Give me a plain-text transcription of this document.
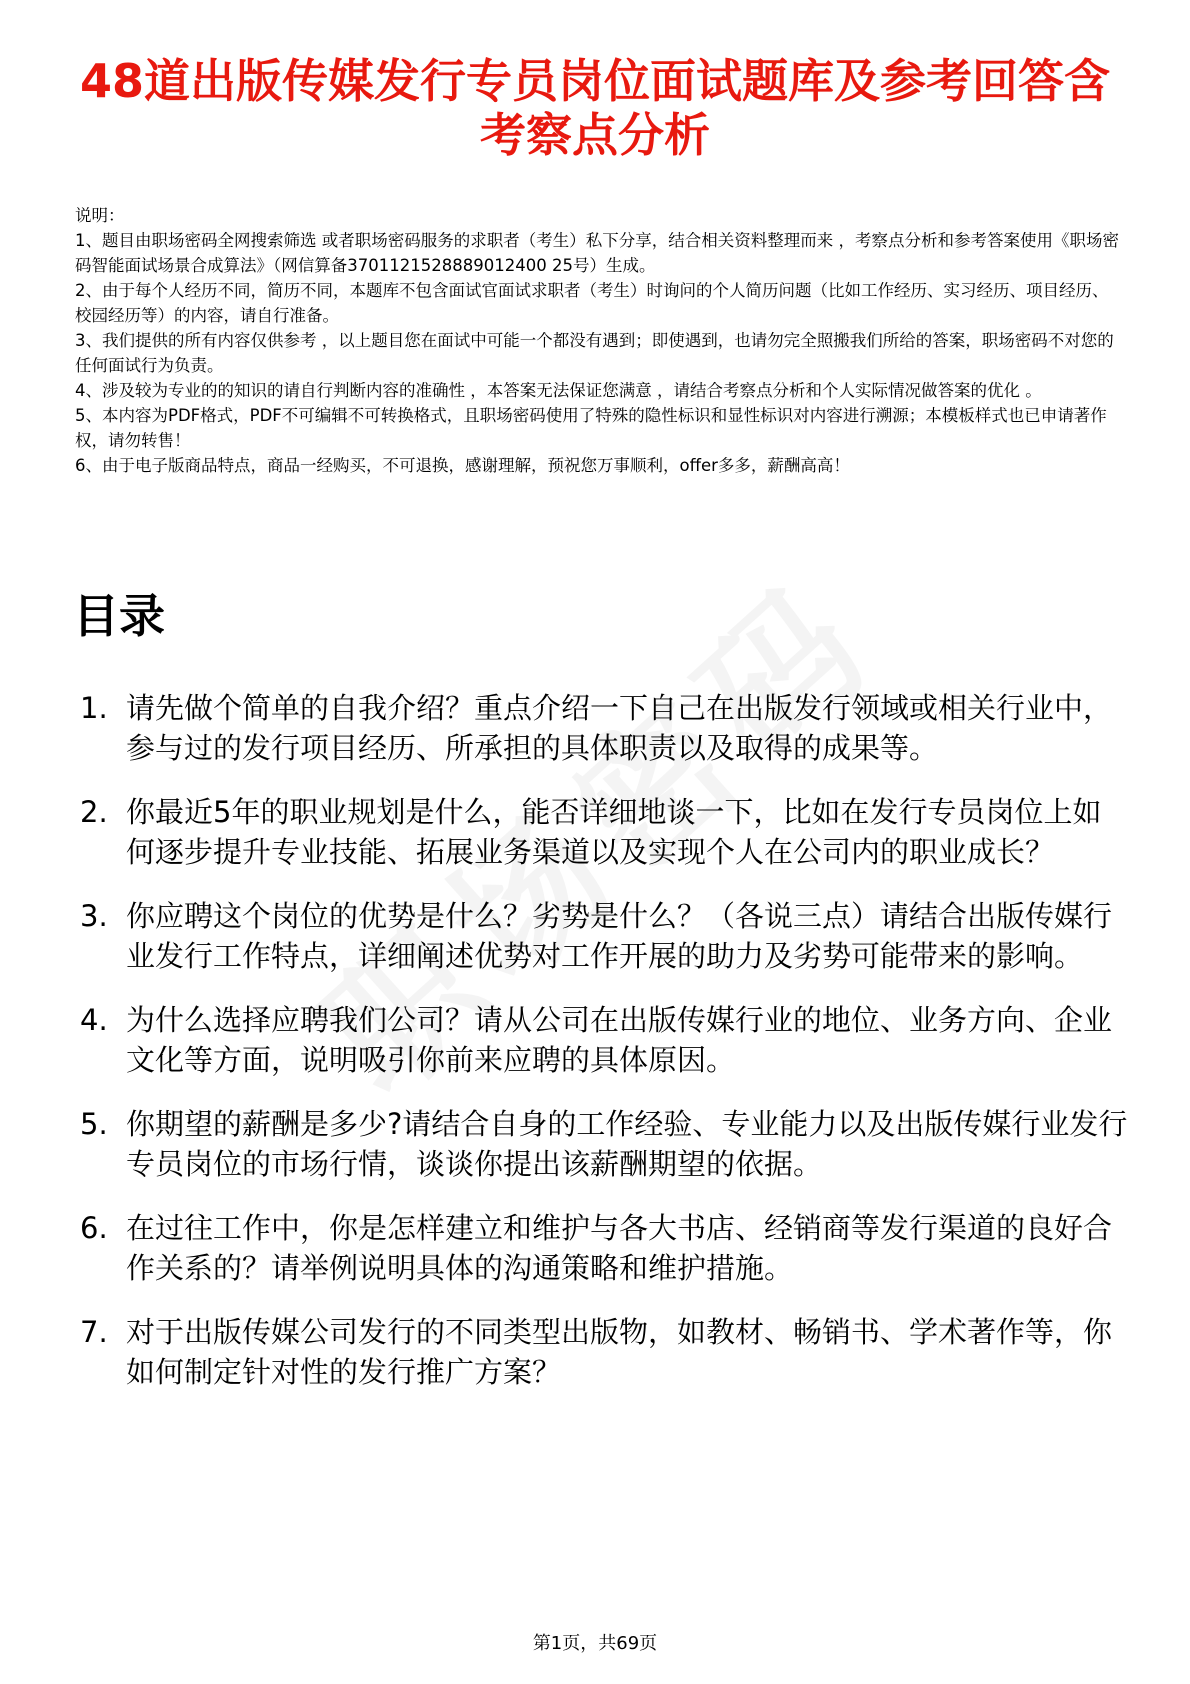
48道出版传媒发行专员岗位面试题库及参考回答含考察点分析

说明：

1、题目由职场密码全网搜索筛选 或者职场密码服务的求职者（考生）私下分享，结合相关资料整理而来 ，考察点分析和参考答案使用《职场密码智能面试场景合成算法》（网信算备3701121528889012400 25号）生成。

2、由于每个人经历不同，简历不同，本题库不包含面试官面试求职者（考生）时询问的个人简历问题（比如工作经历、实习经历、项目经历、校园经历等）的内容，请自行准备。

3、我们提供的所有内容仅供参考 ，以上题目您在面试中可能一个都没有遇到；即使遇到，也请勿完全照搬我们所给的答案，职场密码不对您的任何面试行为负责。

4、涉及较为专业的的知识的请自行判断内容的准确性 ，本答案无法保证您满意 ，请结合考察点分析和个人实际情况做答案的优化 。

5、本内容为PDF格式，PDF不可编辑不可转换格式，且职场密码使用了特殊的隐性标识和显性标识对内容进行溯源；本模板样式也已申请著作权，请勿转售！

6、由于电子版商品特点，商品一经购买，不可退换，感谢理解，预祝您万事顺利，offer多多，薪酬高高！

目录
1. 请先做个简单的自我介绍？重点介绍一下自己在出版发行领域或相关行业中，参与过的发行项目经历、所承担的具体职责以及取得的成果等。
2. 你最近5年的职业规划是什么，能否详细地谈一下，比如在发行专员岗位上如何逐步提升专业技能、拓展业务渠道以及实现个人在公司内的职业成长？
3. 你应聘这个岗位的优势是什么？劣势是什么？（各说三点）请结合出版传媒行业发行工作特点，详细阐述优势对工作开展的助力及劣势可能带来的影响。
4. 为什么选择应聘我们公司？请从公司在出版传媒行业的地位、业务方向、企业文化等方面，说明吸引你前来应聘的具体原因。
5. 你期望的薪酬是多少?请结合自身的工作经验、专业能力以及出版传媒行业发行专员岗位的市场行情，谈谈你提出该薪酬期望的依据。
6. 在过往工作中，你是怎样建立和维护与各大书店、经销商等发行渠道的良好合作关系的？请举例说明具体的沟通策略和维护措施。
7. 对于出版传媒公司发行的不同类型出版物，如教材、畅销书、学术著作等，你如何制定针对性的发行推广方案？
第1页，共69页
